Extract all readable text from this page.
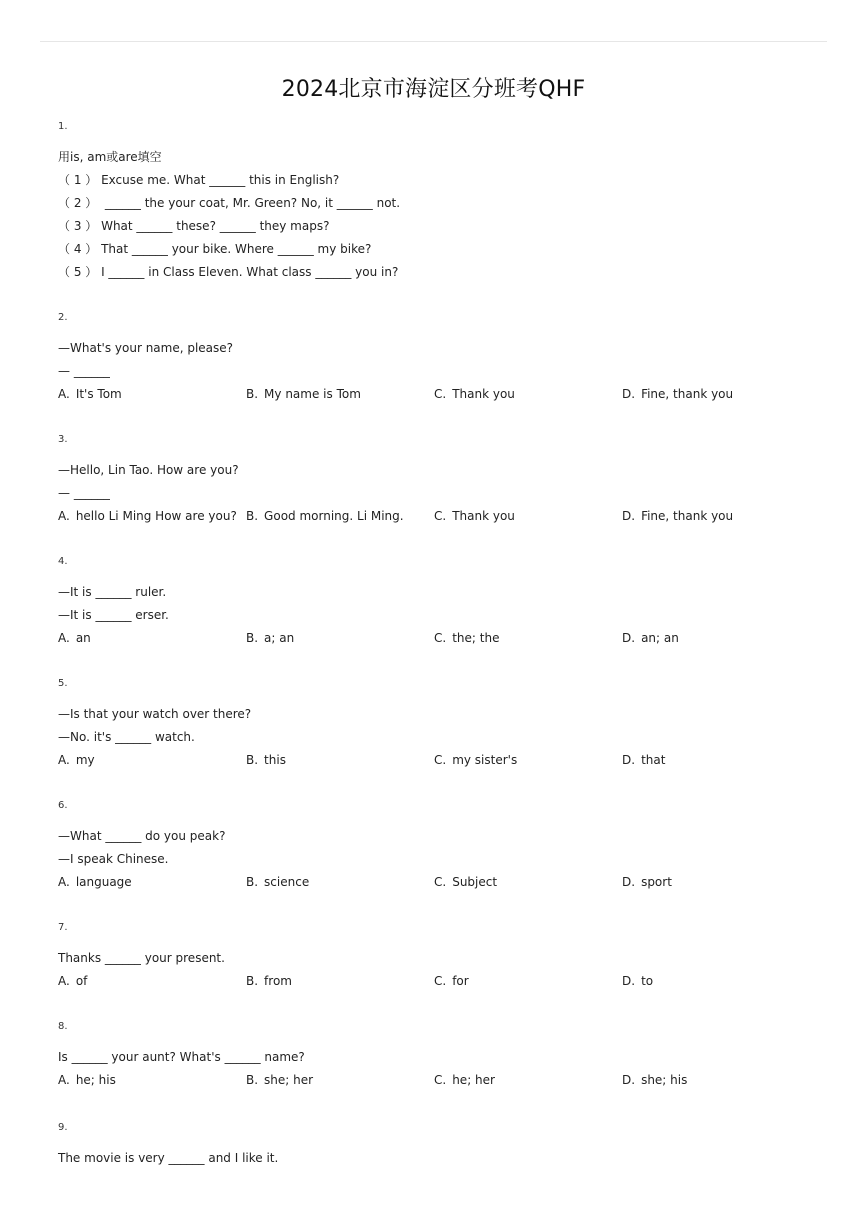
2024北京市海淀区分班考QHF
1.
用is, am或are填空
（ 1 ） Excuse me. What ______ this in English?
（ 2 ）  ______ the your coat, Mr. Green? No, it ______ not.
（ 3 ） What ______ these? ______ they maps?
（ 4 ） That ______ your bike. Where ______ my bike?
（ 5 ） I ______ in Class Eleven. What class ______ you in?
2.
—What's your name, please?
— ______
A. It's Tom	B. My name is Tom	C. Thank you	D. Fine, thank you
3.
—Hello, Lin Tao. How are you?
— ______
A. hello Li Ming How are you? B. Good morning. Li Ming.	C. Thank you	D. Fine, thank you
4.
—It is ______ ruler.
—It is ______ erser.
A. an	B. a; an	C. the; the	D. an; an
5.
—Is that your watch over there?
—No. it's ______ watch.
A. my	B. this	C. my sister's	D. that
6.
—What ______ do you peak?
—I speak Chinese.
A. language	B. science	C. Subject	D. sport
7.
Thanks ______ your present.
A. of	B. from	C. for	D. to
8.
Is ______ your aunt? What's ______ name?
A. he; his	B. she; her	C. he; her	D. she; his
9.
The movie is very ______ and I like it.
